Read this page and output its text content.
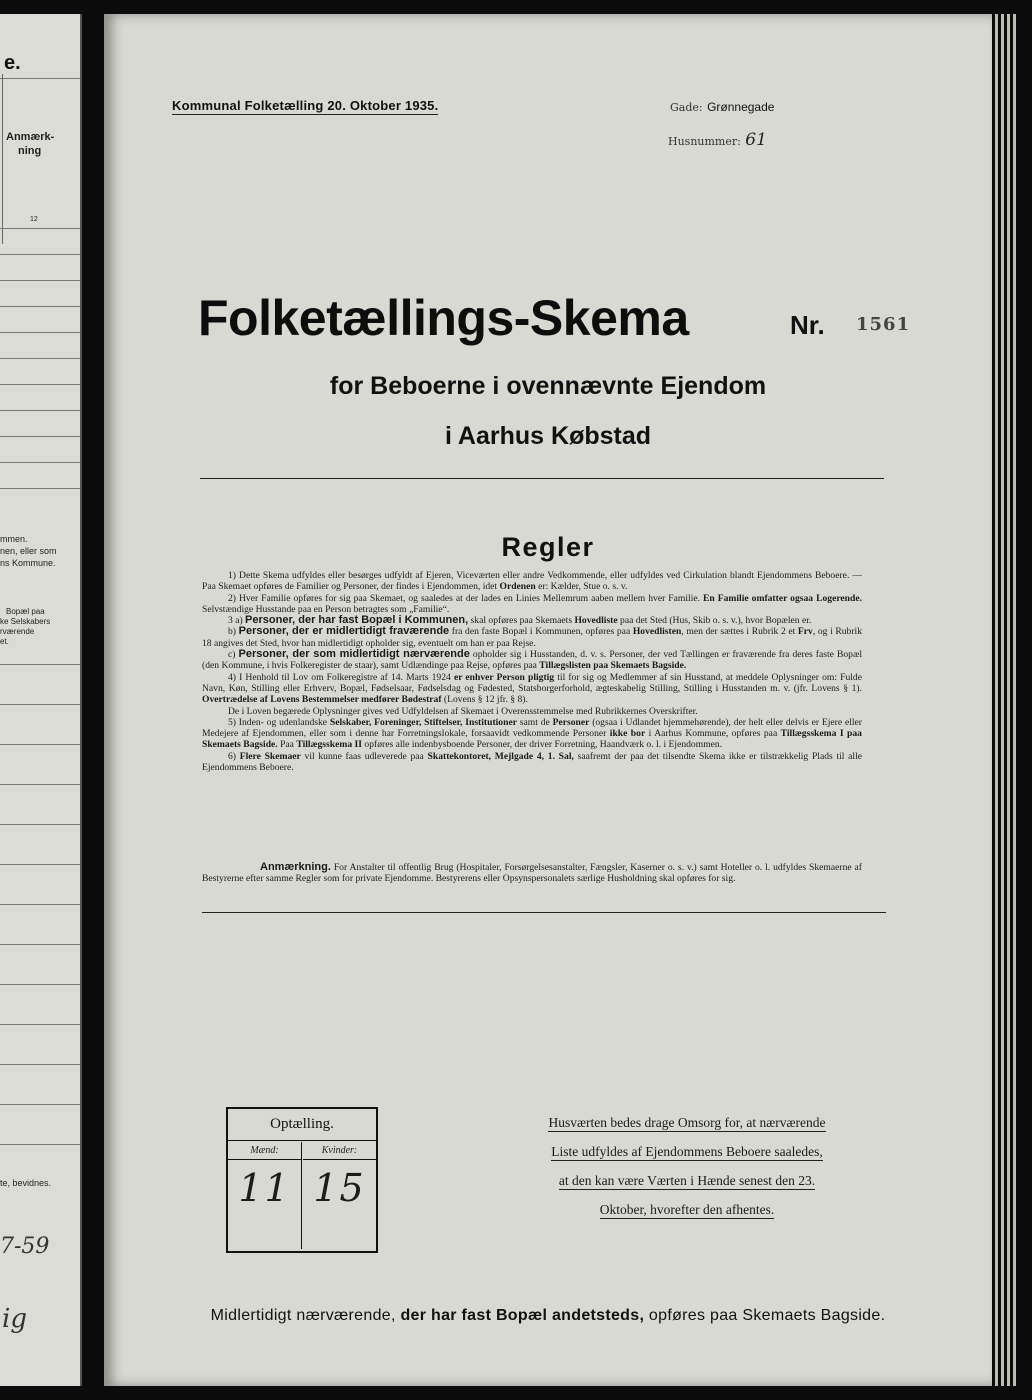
e.
Anmærk-
ning
12
mmen.
nen, eller som
ns Kommune.
Bopæl paa
ke Selskabers
rværende
et.
te, bevidnes.
7-59
ig
Kommunal Folketælling 20. Oktober 1935.	Gade: Grønnegade
Husnummer: 61
Folketællings-Skema	Nr. 1561
for Beboerne i ovennævnte Ejendom
i Aarhus Købstad
Regler

1) Dette Skema udfyldes eller besørges udfyldt af Ejeren, Viceværten eller andre Vedkommende, eller udfyldes ved Cirkulation blandt Ejendommens Beboere. — Paa Skemaet opføres de Familier og Personer, der findes i Ejendommen, idet Ordenen er: Kælder, Stue o. s. v.

2) Hver Familie opføres for sig paa Skemaet, og saaledes at der lades en Linies Mellemrum aaben mellem hver Familie. En Familie omfatter ogsaa Logerende. Selvstændige Husstande paa en Person betragtes som „Familie“.

3 a) Personer, der har fast Bopæl i Kommunen, skal opføres paa Skemaets Hovedliste paa det Sted (Hus, Skib o. s. v.), hvor Bopælen er.

b) Personer, der er midlertidigt fraværende fra den faste Bopæl i Kommunen, opføres paa Hovedlisten, men der sættes i Rubrik 2 et Frv, og i Rubrik 18 angives det Sted, hvor han midlertidigt opholder sig, eventuelt om han er paa Rejse.

c) Personer, der som midlertidigt nærværende opholder sig i Husstanden, d. v. s. Personer, der ved Tællingen er fraværende fra deres faste Bopæl (den Kommune, i hvis Folkeregister de staar), samt Udlændinge paa Rejse, opføres paa Tillægslisten paa Skemaets Bagside.

4) I Henhold til Lov om Folkeregistre af 14. Marts 1924 er enhver Person pligtig til for sig og Medlemmer af sin Husstand, at meddele Oplysninger om: Fulde Navn, Køn, Stilling eller Erhverv, Bopæl, Fødselsaar, Fødselsdag og Fødested, Statsborgerforhold, ægteskabelig Stilling, Stilling i Husstanden m. v. (jfr. Lovens § 1). Overtrædelse af Lovens Bestemmelser medfører Bødestraf (Lovens § 12 jfr. § 8).

De i Loven begærede Oplysninger gives ved Udfyldelsen af Skemaet i Overensstemmelse med Rubrikkernes Overskrifter.

5) Inden- og udenlandske Selskaber, Foreninger, Stiftelser, Institutioner samt de Personer (ogsaa i Udlandet hjemmehørende), der helt eller delvis er Ejere eller Medejere af Ejendommen, eller som i denne har Forretningslokale, forsaavidt vedkommende Personer ikke bor i Aarhus Kommune, opføres paa Tillægsskema I paa Skemaets Bagside. Paa Tillægsskema II opføres alle indenbysboende Personer, der driver Forretning, Haandværk o. l. i Ejendommen.

6) Flere Skemaer vil kunne faas udleverede paa Skattekontoret, Mejlgade 4, 1. Sal, saafremt der paa det tilsendte Skema ikke er tilstrækkelig Plads til alle Ejendommens Beboere.

Anmærkning. For Anstalter til offentlig Brug (Hospitaler, Forsørgelsesanstalter, Fængsler, Kaserner o. s. v.) samt Hoteller o. l. udfyldes Skemaerne af Bestyrerne efter samme Regler som for private Ejendomme. Bestyrerens eller Opsynspersonalets særlige Husholdning skal opføres for sig.
Optælling.
Mænd:
11
Kvinder:
15
Husværten bedes drage Omsorg for, at nærværende
Liste udfyldes af Ejendommens Beboere saaledes,
at den kan være Værten i Hænde senest den 23.
Oktober, hvorefter den afhentes.
Midlertidigt nærværende, der har fast Bopæl andetsteds, opføres paa Skemaets Bagside.
